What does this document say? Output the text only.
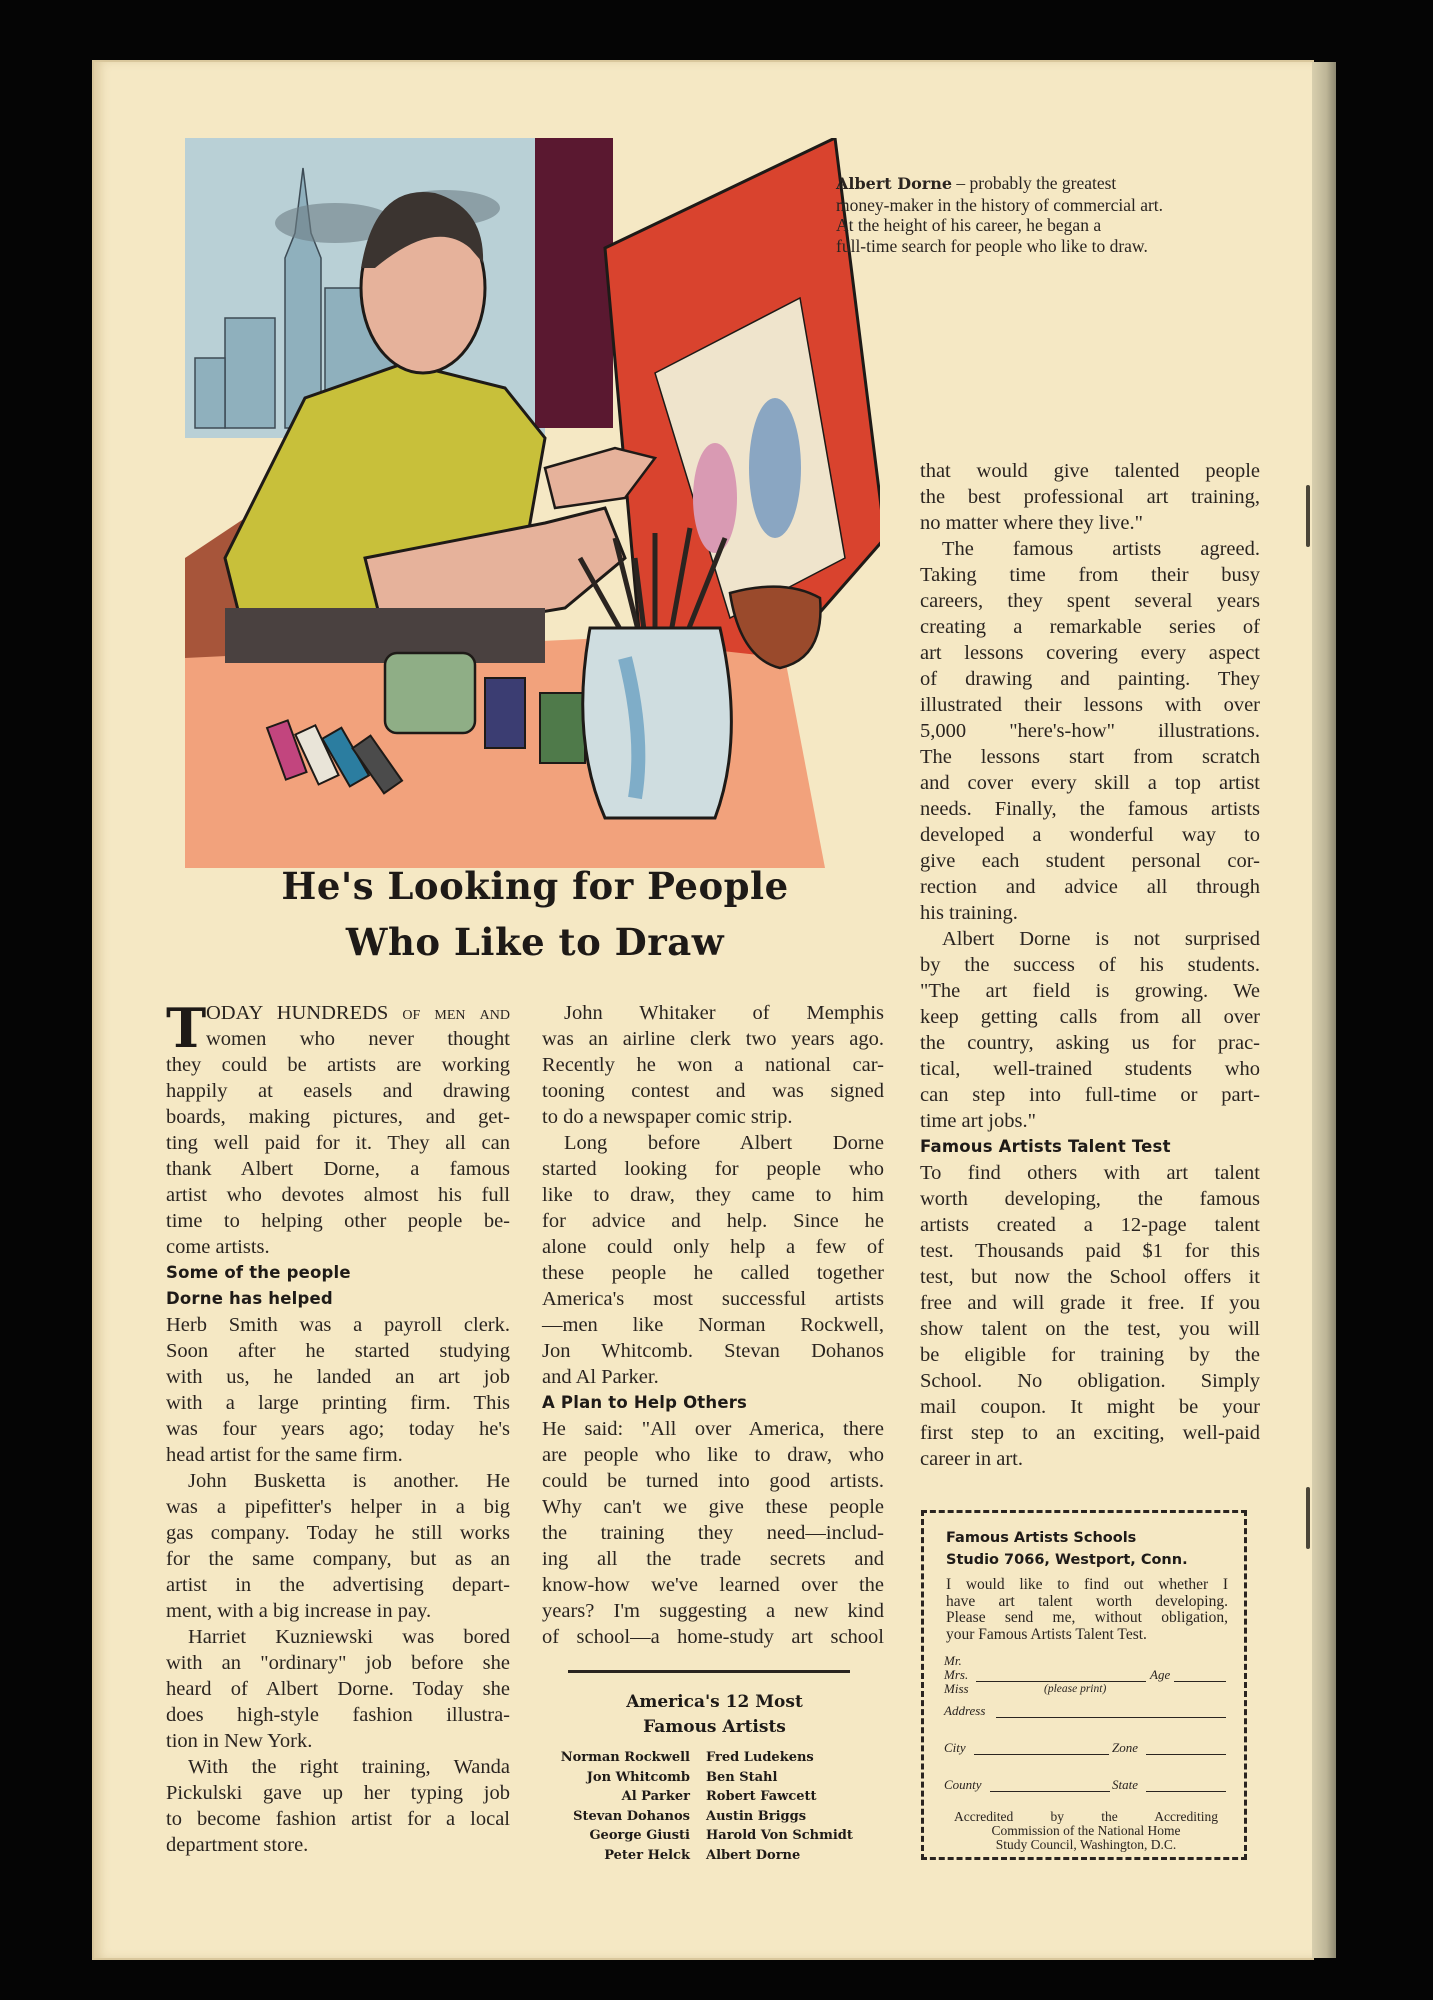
Albert Dorne – probably the greatest
money-maker in the history of commercial art.
At the height of his career, he began a
full-time search for people who like to draw.
He's Looking for People
Who Like to Draw
T ODAY HUNDREDS of men and
women who never thought
they could be artists are working
happily at easels and drawing
boards, making pictures, and get-
ting well paid for it. They all can
thank Albert Dorne, a famous
artist who devotes almost his full
time to helping other people be-
come artists.
Some of the people
Dorne has helped
Herb Smith was a payroll clerk.
Soon after he started studying
with us, he landed an art job
with a large printing firm. This
was four years ago; today he's
head artist for the same firm.
John Busketta is another. He
was a pipefitter's helper in a big
gas company. Today he still works
for the same company, but as an
artist in the advertising depart-
ment, with a big increase in pay.
Harriet Kuzniewski was bored
with an "ordinary" job before she
heard of Albert Dorne. Today she
does high-style fashion illustra-
tion in New York.
With the right training, Wanda
Pickulski gave up her typing job
to become fashion artist for a local
department store.
John Whitaker of Memphis
was an airline clerk two years ago.
Recently he won a national car-
tooning contest and was signed
to do a newspaper comic strip.
Long before Albert Dorne
started looking for people who
like to draw, they came to him
for advice and help. Since he
alone could only help a few of
these people he called together
America's most successful artists
—men like Norman Rockwell,
Jon Whitcomb. Stevan Dohanos
and Al Parker.
A Plan to Help Others
He said: "All over America, there
are people who like to draw, who
could be turned into good artists.
Why can't we give these people
the training they need—includ-
ing all the trade secrets and
know-how we've learned over the
years? I'm suggesting a new kind
of school—a home-study art school
that would give talented people
the best professional art training,
no matter where they live."
The famous artists agreed.
Taking time from their busy
careers, they spent several years
creating a remarkable series of
art lessons covering every aspect
of drawing and painting. They
illustrated their lessons with over
5,000 "here's-how" illustrations.
The lessons start from scratch
and cover every skill a top artist
needs. Finally, the famous artists
developed a wonderful way to
give each student personal cor-
rection and advice all through
his training.
Albert Dorne is not surprised
by the success of his students.
"The art field is growing. We
keep getting calls from all over
the country, asking us for prac-
tical, well-trained students who
can step into full-time or part-
time art jobs."
Famous Artists Talent Test
To find others with art talent
worth developing, the famous
artists created a 12-page talent
test. Thousands paid $1 for this
test, but now the School offers it
free and will grade it free. If you
show talent on the test, you will
be eligible for training by the
School. No obligation. Simply
mail coupon. It might be your
first step to an exciting, well-paid
career in art.
America's 12 Most
Famous Artists
Norman Rockwell	Fred Ludekens
Jon Whitcomb	Ben Stahl
Al Parker	Robert Fawcett
Stevan Dohanos	Austin Briggs
George Giusti	Harold Von Schmidt
Peter Helck	Albert Dorne
Famous Artists Schools
Studio 7066, Westport, Conn.
I would like to find out whether I
have art talent worth developing.
Please send me, without obligation,
your Famous Artists Talent Test.
Mr.
Mrs.
Miss	(please print)
Age
Address
City	Zone
County	State
Accredited by the Accrediting
Commission of the National Home
Study Council, Washington, D.C.
